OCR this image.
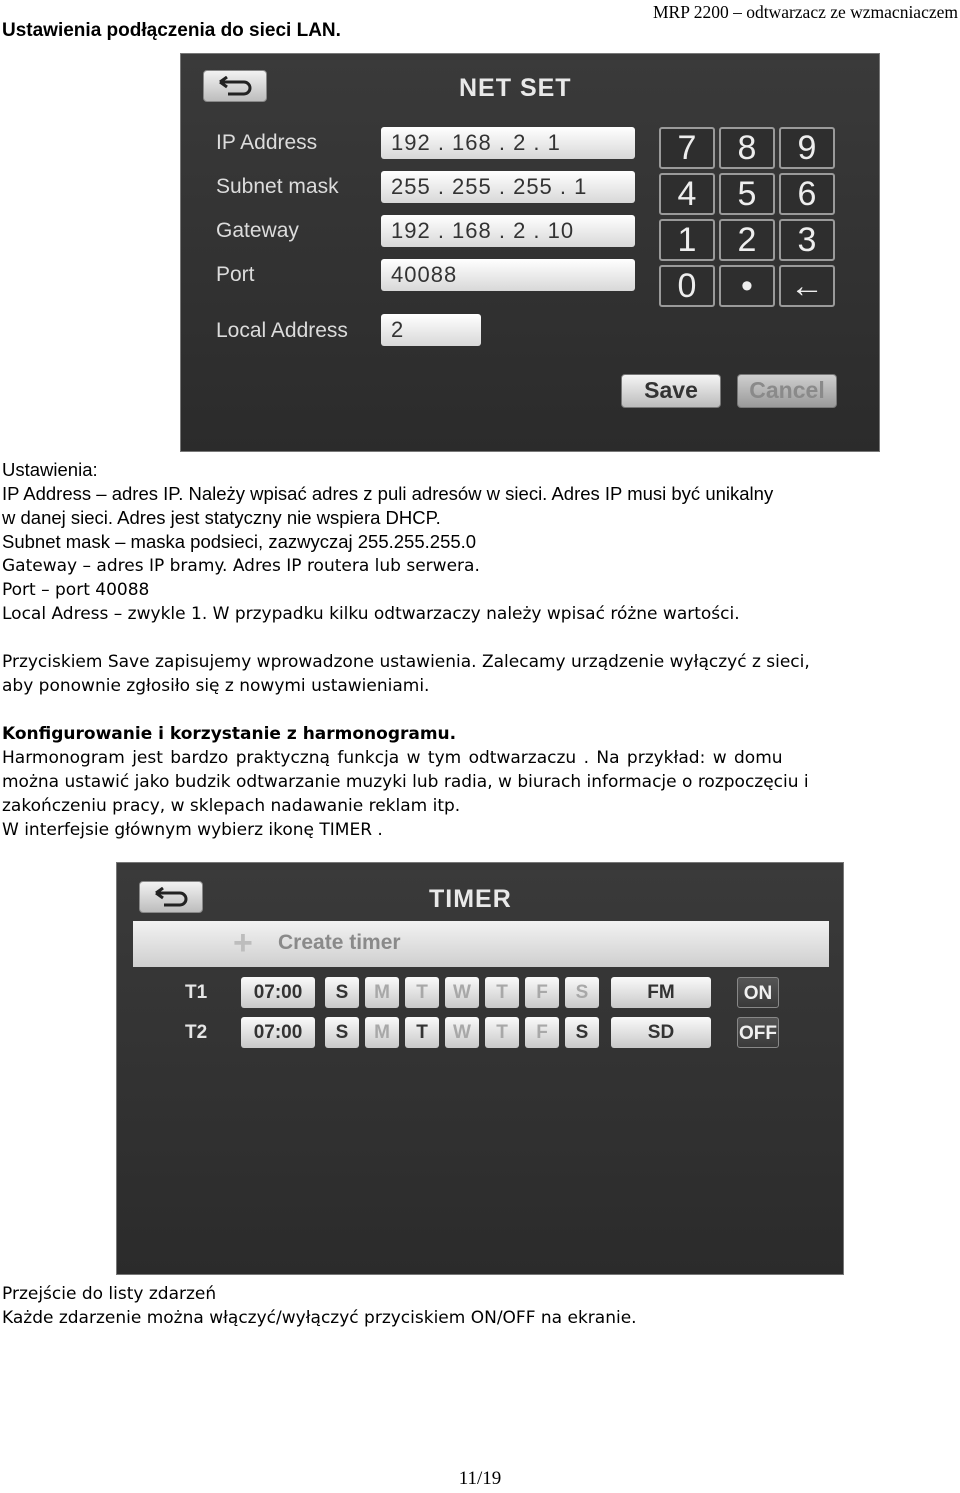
Ustawienia podłączenia do sieci LAN.
MRP 2200 – odtwarzacz ze wzmacniaczem
NET SET
IP Address	192 . 168 . 2 . 1
Subnet mask	255 . 255 . 255 . 1
Gateway	192 . 168 . 2 . 10
Port	40088
Local Address	2
7	8	9
4	5	6
1	2	3
0	•	←
Save	Cancel
Ustawienia:
IP Address – adres IP. Należy wpisać adres z puli adresów w sieci. Adres IP musi być unikalny
w danej sieci. Adres jest statyczny nie wspiera DHCP.
Subnet mask – maska podsieci, zazwyczaj 255.255.255.0
Gateway – adres IP bramy. Adres IP routera lub serwera.
Port – port 40088
Local Adress – zwykle 1. W przypadku kilku odtwarzaczy należy wpisać różne wartości.
Przyciskiem Save zapisujemy wprowadzone ustawienia. Zalecamy urządzenie wyłączyć z sieci,
aby ponownie zgłosiło się z nowymi ustawieniami.
Konfigurowanie i korzystanie z harmonogramu.
Harmonogram jest bardzo praktyczną funkcja w tym odtwarzaczu . Na przykład: w domu
można ustawić jako budzik odtwarzanie muzyki lub radia, w biurach informacje o rozpoczęciu i
zakończeniu pracy, w sklepach nadawanie reklam itp.
W interfejsie głównym wybierz ikonę TIMER .
TIMER
+ Create timer
T1	07:00	S	M	T	W	T	F	S	FM	ON
T2	07:00	S	M	T	W	T	F	S	SD	OFF
Przejście do listy zdarzeń
Każde zdarzenie można włączyć/wyłączyć przyciskiem ON/OFF na ekranie.
11/19
